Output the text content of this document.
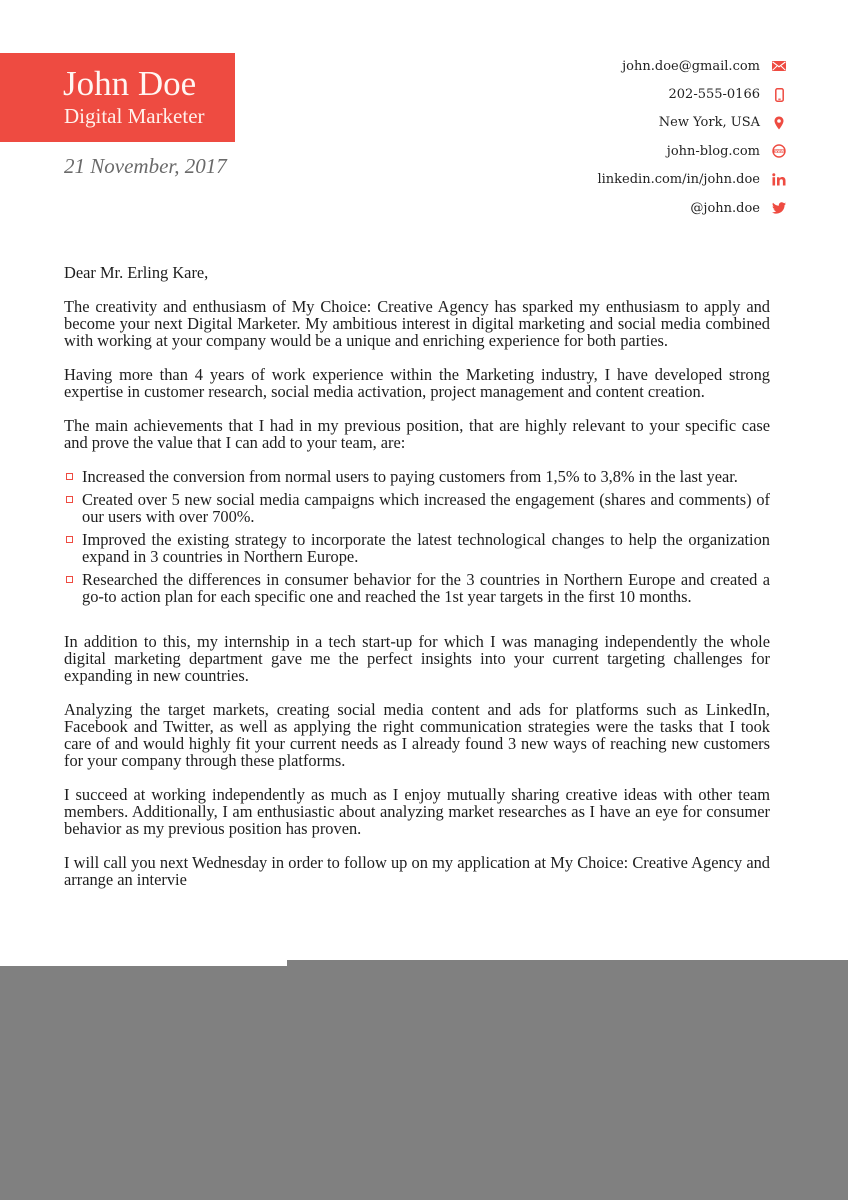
John Doe
Digital Marketer
21 November, 2017
john.doe@gmail.com
202-555-0166
New York, USA
john-blog.com
linkedin.com/in/john.doe
@john.doe

Dear Mr. Erling Kare,

The creativity and enthusiasm of My Choice: Creative Agency has sparked my enthusiasm to apply and become your next Digital Marketer. My ambitious interest in digital marketing and social media combined with working at your company would be a unique and enriching experience for both parties.

Having more than 4 years of work experience within the Marketing industry, I have developed strong expertise in customer research, social media activation, project management and content creation.

The main achievements that I had in my previous position, that are highly relevant to your specific case and prove the value that I can add to your team, are:

Increased the conversion from normal users to paying customers from 1,5% to 3,8% in the last year.
Created over 5 new social media campaigns which increased the engagement (shares and comments) of our users with over 700%.
Improved the existing strategy to incorporate the latest technological changes to help the organization expand in 3 countries in Northern Europe.
Researched the differences in consumer behavior for the 3 countries in Northern Europe and created a go-to action plan for each specific one and reached the 1st year targets in the first 10 months.

In addition to this, my internship in a tech start-up for which I was managing independently the whole digital marketing department gave me the perfect insights into your current targeting challenges for expanding in new countries.

Analyzing the target markets, creating social media content and ads for platforms such as LinkedIn, Facebook and Twitter, as well as applying the right communication strategies were the tasks that I took care of and would highly fit your current needs as I already found 3 new ways of reaching new customers for your company through these platforms.

I succeed at working independently as much as I enjoy mutually sharing creative ideas with other team members. Additionally, I am enthusiastic about analyzing market researches as I have an eye for consumer behavior as my previous position has proven.

I will call you next Wednesday in order to follow up on my application at My Choice: Creative Agency and arrange an intervie
